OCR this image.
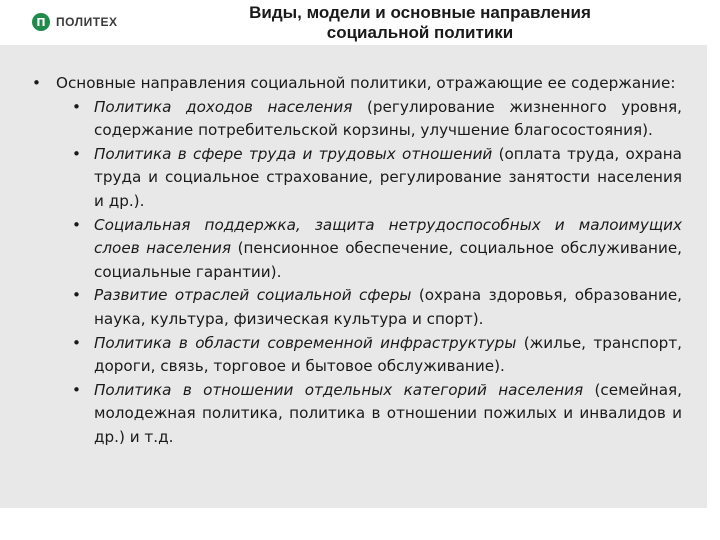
П ПОЛИТЕХ	Виды, модели и основные направления социальной политики
• Основные направления социальной политики, отражающие ее содержание:
• Политика доходов населения (регулирование жизненного уровня, содержание потребительской корзины, улучшение благосостояния).
• Политика в сфере труда и трудовых отношений (оплата труда, охрана труда и социальное страхование, регулирование занятости населения и др.).
• Социальная поддержка, защита нетрудоспособных и малоимущих слоев населения (пенсионное обеспечение, социальное обслуживание, социальные гарантии).
• Развитие отраслей социальной сферы (охрана здоровья, образование, наука, культура, физическая культура и спорт).
• Политика в области современной инфраструктуры (жилье, транспорт, дороги, связь, торговое и бытовое обслуживание).
• Политика в отношении отдельных категорий населения (семейная, молодежная политика, политика в отношении пожилых и инвалидов и др.) и т.д.
